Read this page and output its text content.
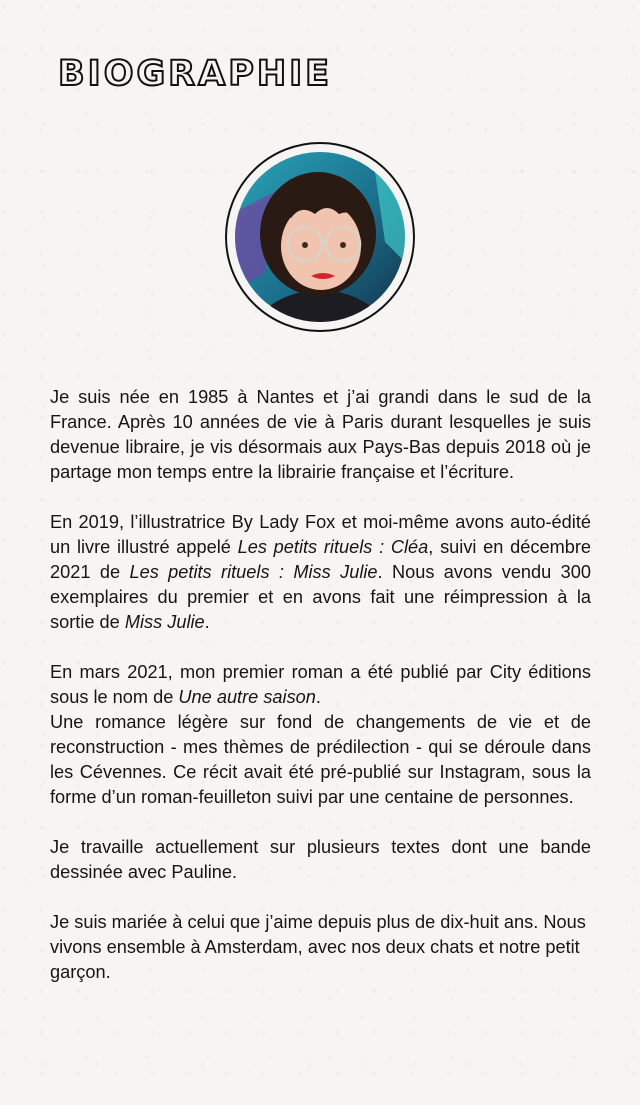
BIOGRAPHIE

Je suis née en 1985 à Nantes et j’ai grandi dans le sud de la France. Après 10 années de vie à Paris durant lesquelles je suis devenue libraire, je vis désormais aux Pays-Bas depuis 2018 où je partage mon temps entre la librairie française et l’écriture.

En 2019, l’illustratrice By Lady Fox et moi-même avons auto-édité un livre illustré appelé Les petits rituels : Cléa, suivi en décembre 2021 de Les petits rituels : Miss Julie. Nous avons vendu 300 exemplaires du premier et en avons fait une réimpression à la sortie de Miss Julie.

En mars 2021, mon premier roman a été publié par City éditions sous le nom de Une autre saison.

Une romance légère sur fond de changements de vie et de reconstruction - mes thèmes de prédilection - qui se déroule dans les Cévennes. Ce récit avait été pré-publié sur Instagram, sous la forme d’un roman-feuilleton suivi par une centaine de personnes.

Je travaille actuellement sur plusieurs textes dont une bande dessinée avec Pauline.

Je suis mariée à celui que j’aime depuis plus de dix-huit ans. Nous vivons ensemble à Amsterdam, avec nos deux chats et notre petit garçon.
